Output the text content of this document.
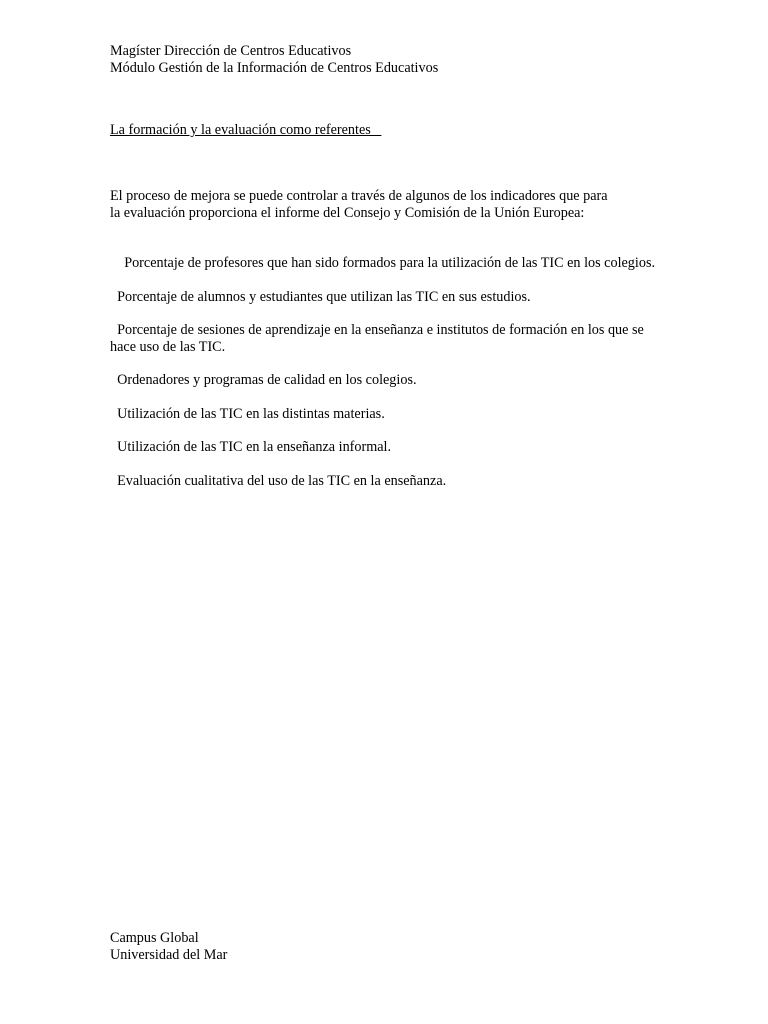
Magíster Dirección de Centros Educativos
Módulo Gestión de la Información de Centros Educativos
La formación y la evaluación como referentes
El proceso de mejora se puede controlar a través de algunos de los indicadores que para
la evaluación proporciona el informe del Consejo y Comisión de la Unión Europea:
Porcentaje de profesores que han sido formados para la utilización de las TIC en los colegios.
Porcentaje de alumnos y estudiantes que utilizan las TIC en sus estudios.
Porcentaje de sesiones de aprendizaje en la enseñanza e institutos de formación en los que se hace uso de las TIC.
Ordenadores y programas de calidad en los colegios.
Utilización de las TIC en las distintas materias.
Utilización de las TIC en la enseñanza informal.
Evaluación cualitativa del uso de las TIC en la enseñanza.
Campus Global
Universidad del Mar
